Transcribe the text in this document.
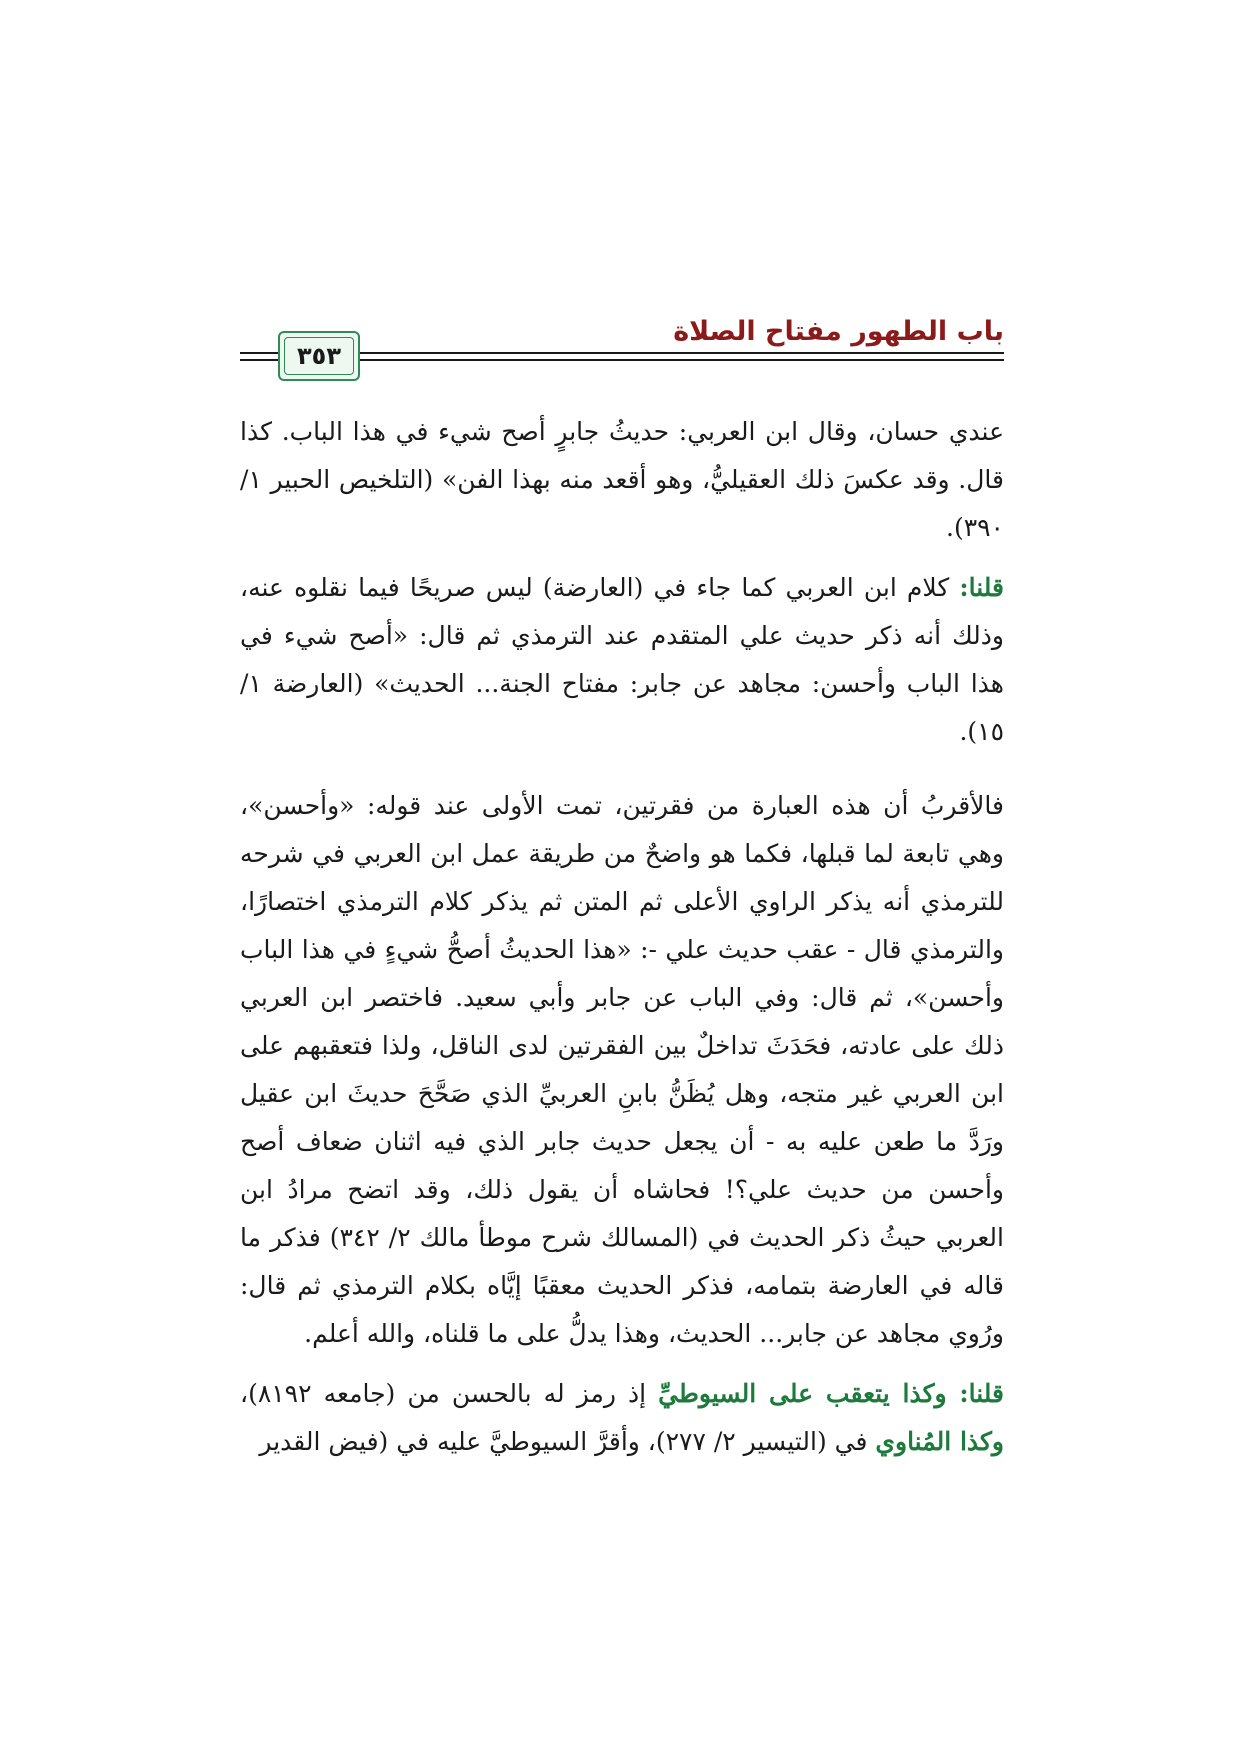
باب الطهور مفتاح الصلاة
٣٥٣

عندي حسان، وقال ابن العربي: حديثُ جابرٍ أصح شيء في هذا الباب. كذا قال. وقد عكسَ ذلك العقيليُّ، وهو أقعد منه بهذا الفن» (التلخيص الحبير ١/ ٣٩٠).

قلنا: كلام ابن العربي كما جاء في (العارضة) ليس صريحًا فيما نقلوه عنه، وذلك أنه ذكر حديث علي المتقدم عند الترمذي ثم قال: «أصح شيء في هذا الباب وأحسن: مجاهد عن جابر: مفتاح الجنة... الحديث» (العارضة ١/ ١٥).

فالأقربُ أن هذه العبارة من فقرتين، تمت الأولى عند قوله: «وأحسن»، وهي تابعة لما قبلها، فكما هو واضحٌ من طريقة عمل ابن العربي في شرحه للترمذي أنه يذكر الراوي الأعلى ثم المتن ثم يذكر كلام الترمذي اختصارًا، والترمذي قال - عقب حديث علي -: «هذا الحديثُ أصحُّ شيءٍ في هذا الباب وأحسن»، ثم قال: وفي الباب عن جابر وأبي سعيد. فاختصر ابن العربي ذلك على عادته، فحَدَثَ تداخلٌ بين الفقرتين لدى الناقل، ولذا فتعقبهم على ابن العربي غير متجه، وهل يُظَنُّ بابنِ العربيِّ الذي صَحَّحَ حديثَ ابن عقيل ورَدَّ ما طعن عليه به - أن يجعل حديث جابر الذي فيه اثنان ضعاف أصح وأحسن من حديث علي؟! فحاشاه أن يقول ذلك، وقد اتضح مرادُ ابن العربي حيثُ ذكر الحديث في (المسالك شرح موطأ مالك ٢/ ٣٤٢) فذكر ما قاله في العارضة بتمامه، فذكر الحديث معقبًا إيَّاه بكلام الترمذي ثم قال: ورُوي مجاهد عن جابر... الحديث، وهذا يدلُّ على ما قلناه، والله أعلم.

قلنا: وكذا يتعقب على السيوطيِّ إذ رمز له بالحسن من (جامعه ٨١٩٢)، وكذا المُناوي في (التيسير ٢/ ٢٧٧)، وأقرَّ السيوطيَّ عليه في (فيض القدير
